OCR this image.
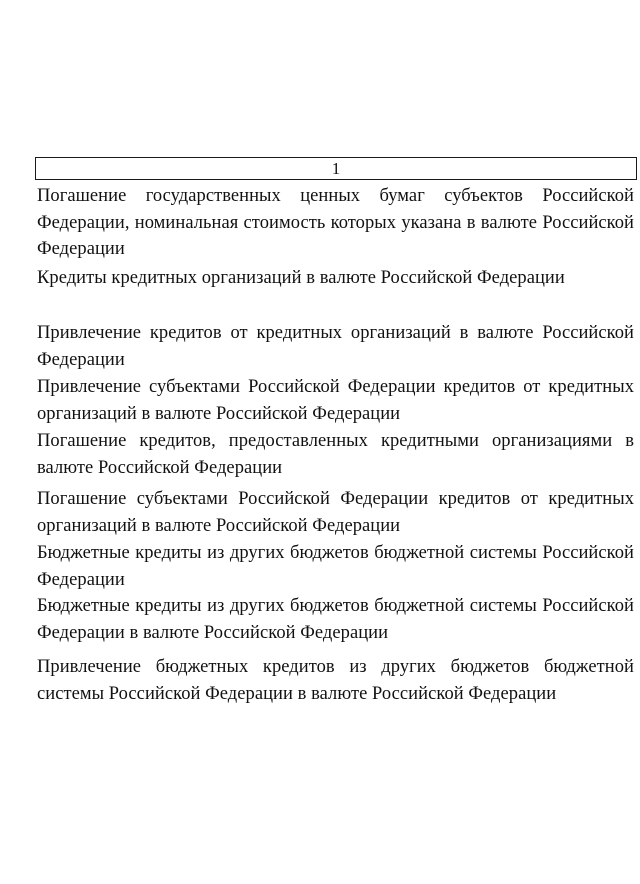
1

Погашение государственных ценных бумаг субъектов Российской Федерации, номинальная стоимость которых указана в валюте Российской Федерации

Кредиты кредитных организаций в валюте Российской Федерации

Привлечение кредитов от кредитных организаций в валюте Российской Федерации

Привлечение субъектами Российской Федерации кредитов от кредитных организаций в валюте Российской Федерации

Погашение кредитов, предоставленных кредитными организациями в валюте Российской Федерации

Погашение субъектами Российской Федерации кредитов от кредитных организаций в валюте Российской Федерации

Бюджетные кредиты из других бюджетов бюджетной системы Российской Федерации

Бюджетные кредиты из других бюджетов бюджетной системы Российской Федерации в валюте Российской Федерации

Привлечение бюджетных кредитов из других бюджетов бюджетной системы Российской Федерации в валюте Российской Федерации
